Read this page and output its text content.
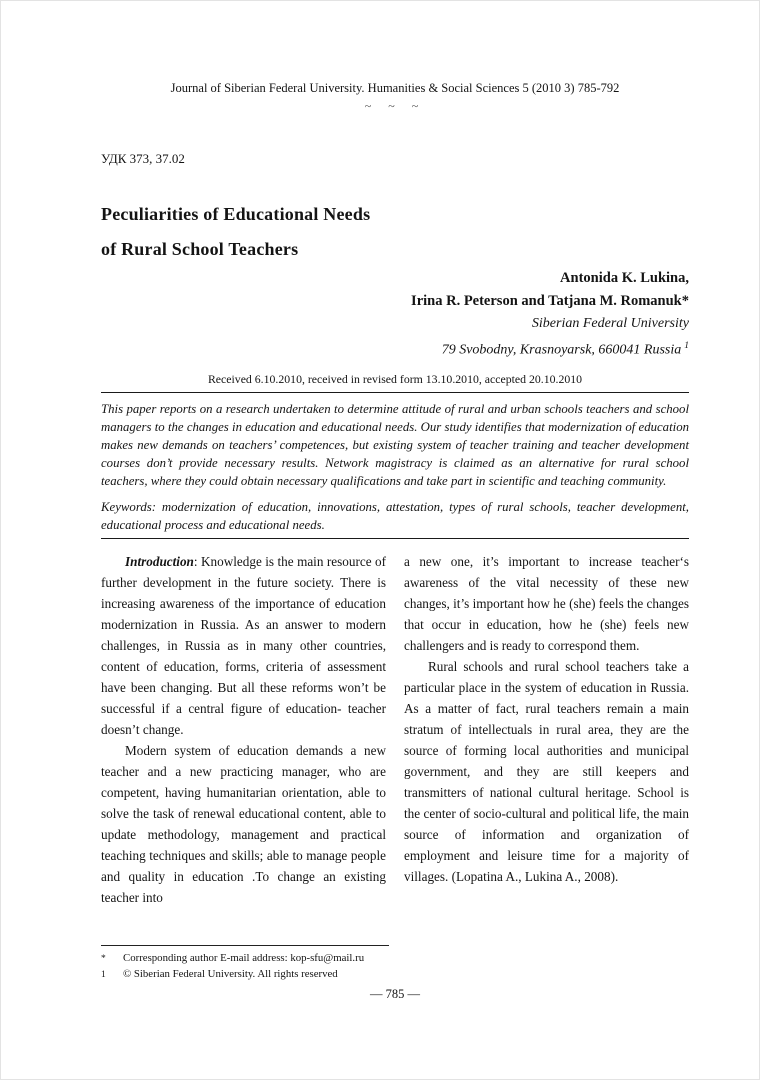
Journal of Siberian Federal University. Humanities & Social Sciences 5 (2010 3) 785-792
~ ~ ~
УДК 373, 37.02
Peculiarities of Educational Needs
of Rural School Teachers
Antonida K. Lukina,
Irina R. Peterson and Tatjana M. Romanuk*
Siberian Federal University
79 Svobodny, Krasnoyarsk, 660041 Russia $^1$
Received 6.10.2010, received in revised form 13.10.2010, accepted 20.10.2010

This paper reports on a research undertaken to determine attitude of rural and urban schools teachers and school managers to the changes in education and educational needs. Our study identifies that modernization of education makes new demands on teachers’ competences, but existing system of teacher training and teacher development courses don’t provide necessary results. Network magistracy is claimed as an alternative for rural school teachers, where they could obtain necessary qualifications and take part in scientific and teaching community.

Keywords: modernization of education, innovations, attestation, types of rural schools, teacher development, educational process and educational needs.

Introduction: Knowledge is the main resource of further development in the future society. There is increasing awareness of the importance of education modernization in Russia. As an answer to modern challenges, in Russia as in many other countries, content of education, forms, criteria of assessment have been changing. But all these reforms won’t be successful if a central figure of education- teacher doesn’t change.

Modern system of education demands a new teacher and a new practicing manager, who are competent, having humanitarian orientation, able to solve the task of renewal educational content, able to update methodology, management and practical teaching techniques and skills; able to manage people and quality in education .To change an existing teacher into

a new one, it’s important to increase teacher‘s awareness of the vital necessity of these new changes, it’s important how he (she) feels the changes that occur in education, how he (she) feels new challengers and is ready to correspond them.

Rural schools and rural school teachers take a particular place in the system of education in Russia. As a matter of fact, rural teachers remain a main stratum of intellectuals in rural area, they are the source of forming local authorities and municipal government, and they are still keepers and transmitters of national cultural heritage. School is the center of socio-cultural and political life, the main source of information and organization of employment and leisure time for a majority of villages. (Lopatina A., Lukina A., 2008).

*	Corresponding author E-mail address: kop-sfu@mail.ru
1	© Siberian Federal University. All rights reserved
— 785 —
